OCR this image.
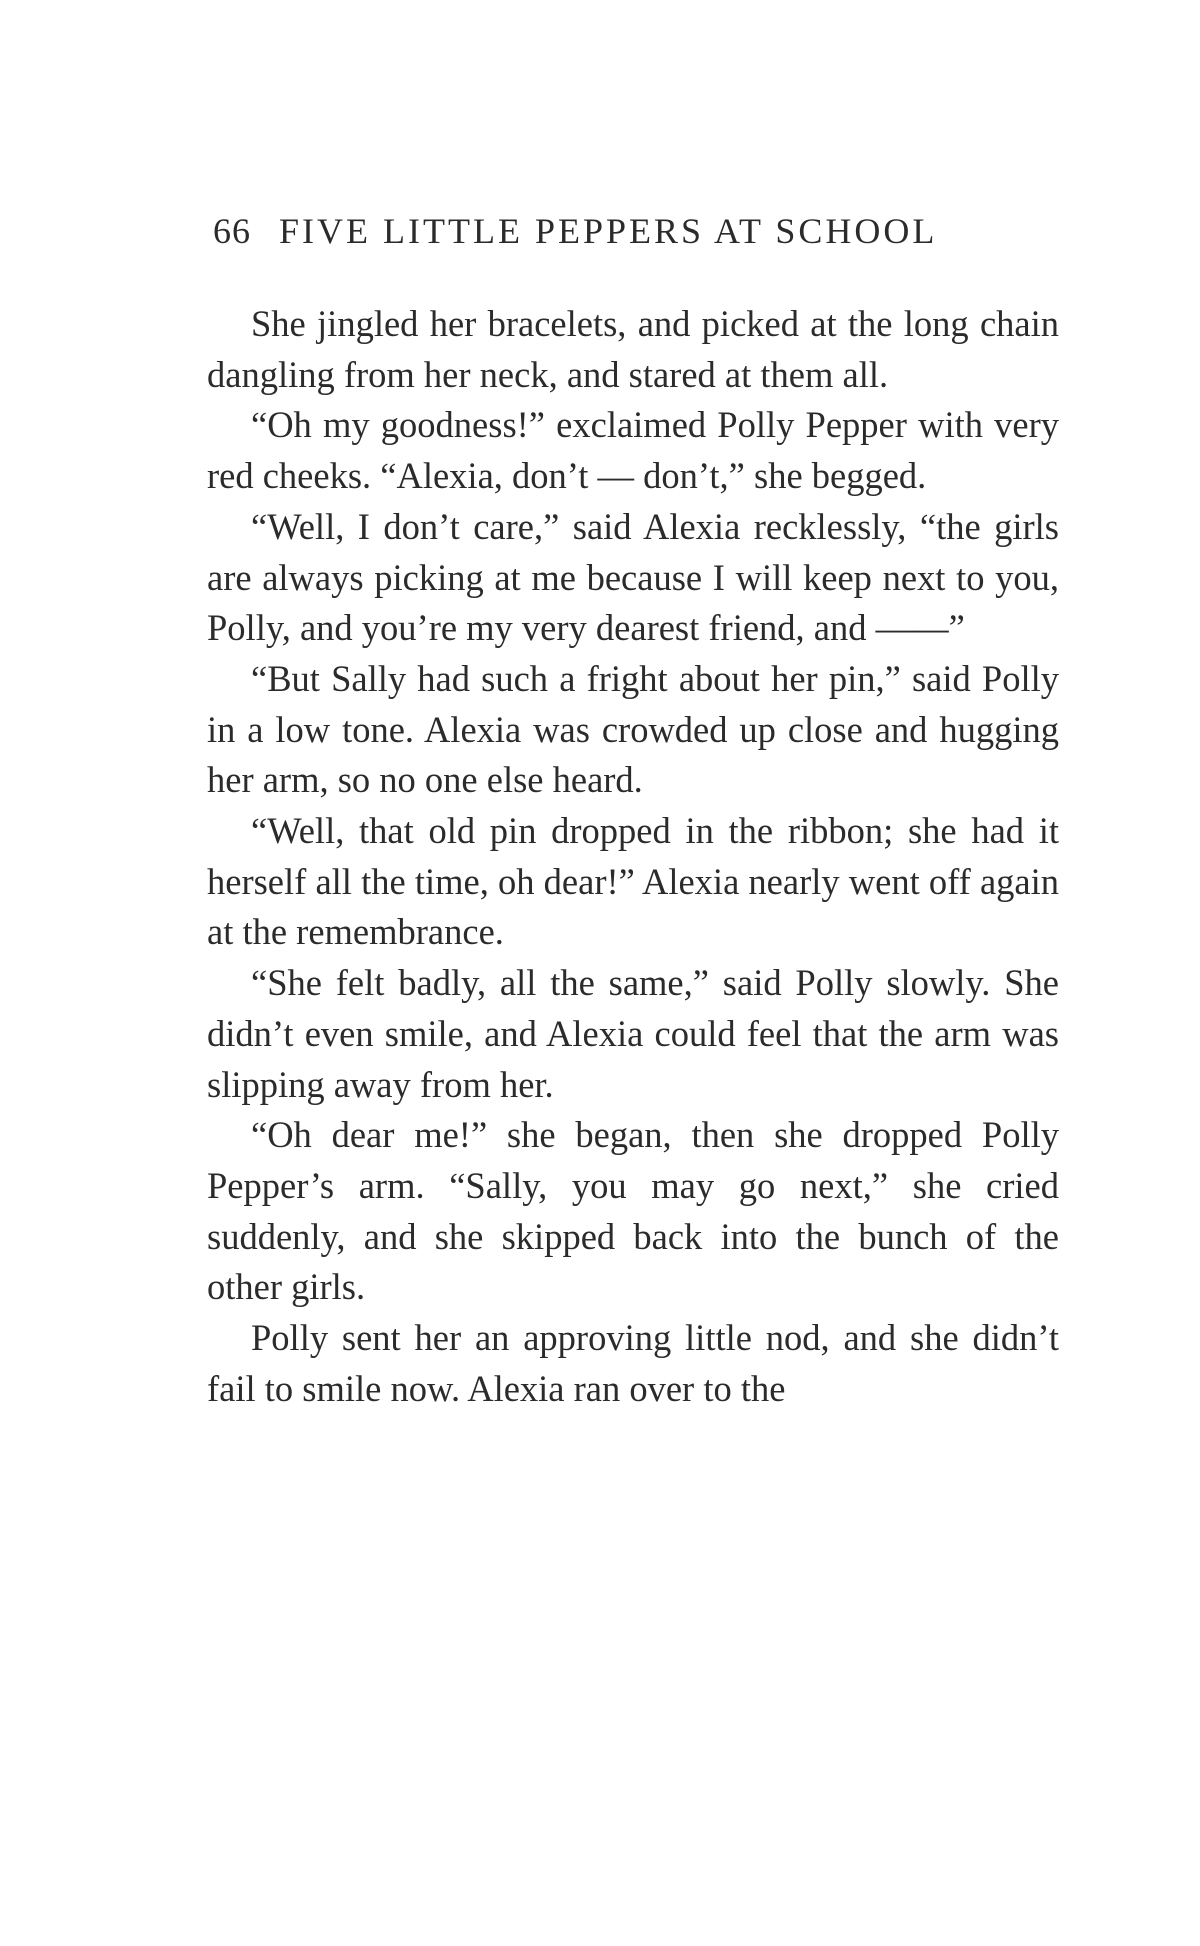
66 FIVE LITTLE PEPPERS AT SCHOOL

She jingled her bracelets, and picked at the long chain dangling from her neck, and stared at them all.

“Oh my goodness!” exclaimed Polly Pepper with very red cheeks. “Alexia, don’t — don’t,” she begged.

“Well, I don’t care,” said Alexia recklessly, “the girls are always picking at me because I will keep next to you, Polly, and you’re my very dearest friend, and ——”

“But Sally had such a fright about her pin,” said Polly in a low tone. Alexia was crowded up close and hugging her arm, so no one else heard.

“Well, that old pin dropped in the ribbon; she had it herself all the time, oh dear!” Alexia nearly went off again at the remembrance.

“She felt badly, all the same,” said Polly slowly. She didn’t even smile, and Alexia could feel that the arm was slipping away from her.

“Oh dear me!” she began, then she dropped Polly Pepper’s arm. “Sally, you may go next,” she cried suddenly, and she skipped back into the bunch of the other girls.

Polly sent her an approving little nod, and she didn’t fail to smile now. Alexia ran over to the
